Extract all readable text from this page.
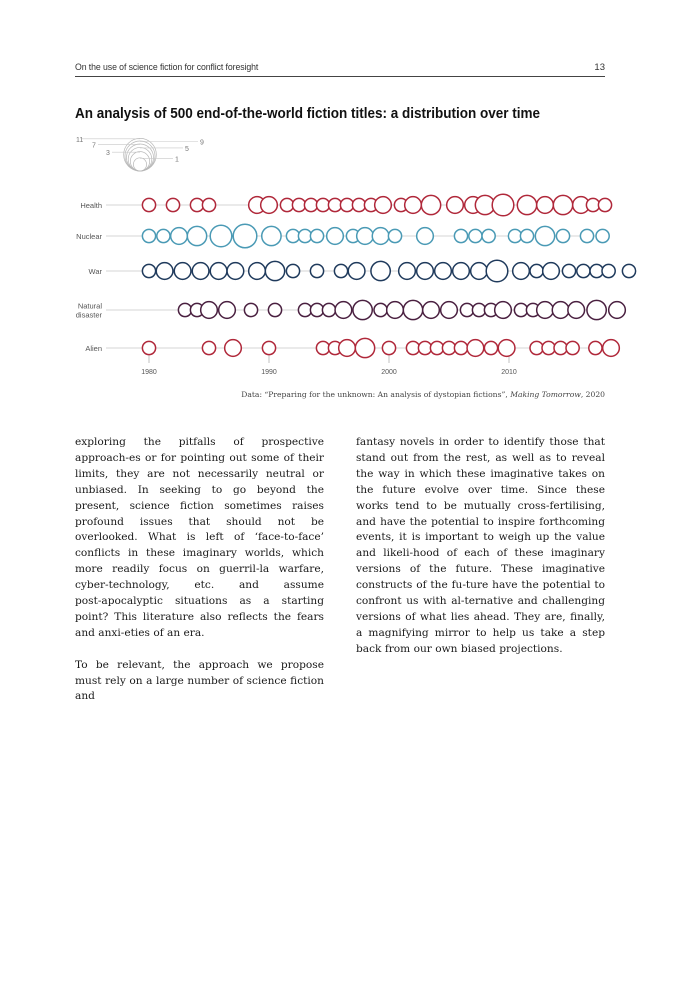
On the use of science fiction for conflict foresight	13
An analysis of 500 end-of-the-world fiction titles: a distribution over time
1
3
5
7	9
11
1980	1990	2000	2010
Health
Nuclear
War
Natural
disaster
Alien
Data: “Preparing for the unknown: An analysis of dystopian fictions”, Making Tomorrow, 2020

exploring the pitfalls of prospective approach‑es or for pointing out some of their limits, they are not necessarily neutral or unbiased. In seeking to go beyond the present, science fiction sometimes raises profound issues that should not be overlooked. What is left of ‘face‑to‑face’ conflicts in these imaginary worlds, which more readily focus on guerril‑la warfare, cyber‑technology, etc. and assume post‑apocalyptic situations as a starting point? This literature also reflects the fears and anxi‑eties of an era.

To be relevant, the approach we propose must rely on a large number of science fiction and

fantasy novels in order to identify those that stand out from the rest, as well as to reveal the way in which these imaginative takes on the future evolve over time. Since these works tend to be mutually cross‑fertilising, and have the potential to inspire forthcoming events, it is important to weigh up the value and likeli‑hood of each of these imaginary versions of the future. These imaginative constructs of the fu‑ture have the potential to confront us with al‑ternative and challenging versions of what lies ahead. They are, finally, a magnifying mirror to help us take a step back from our own biased projections.
